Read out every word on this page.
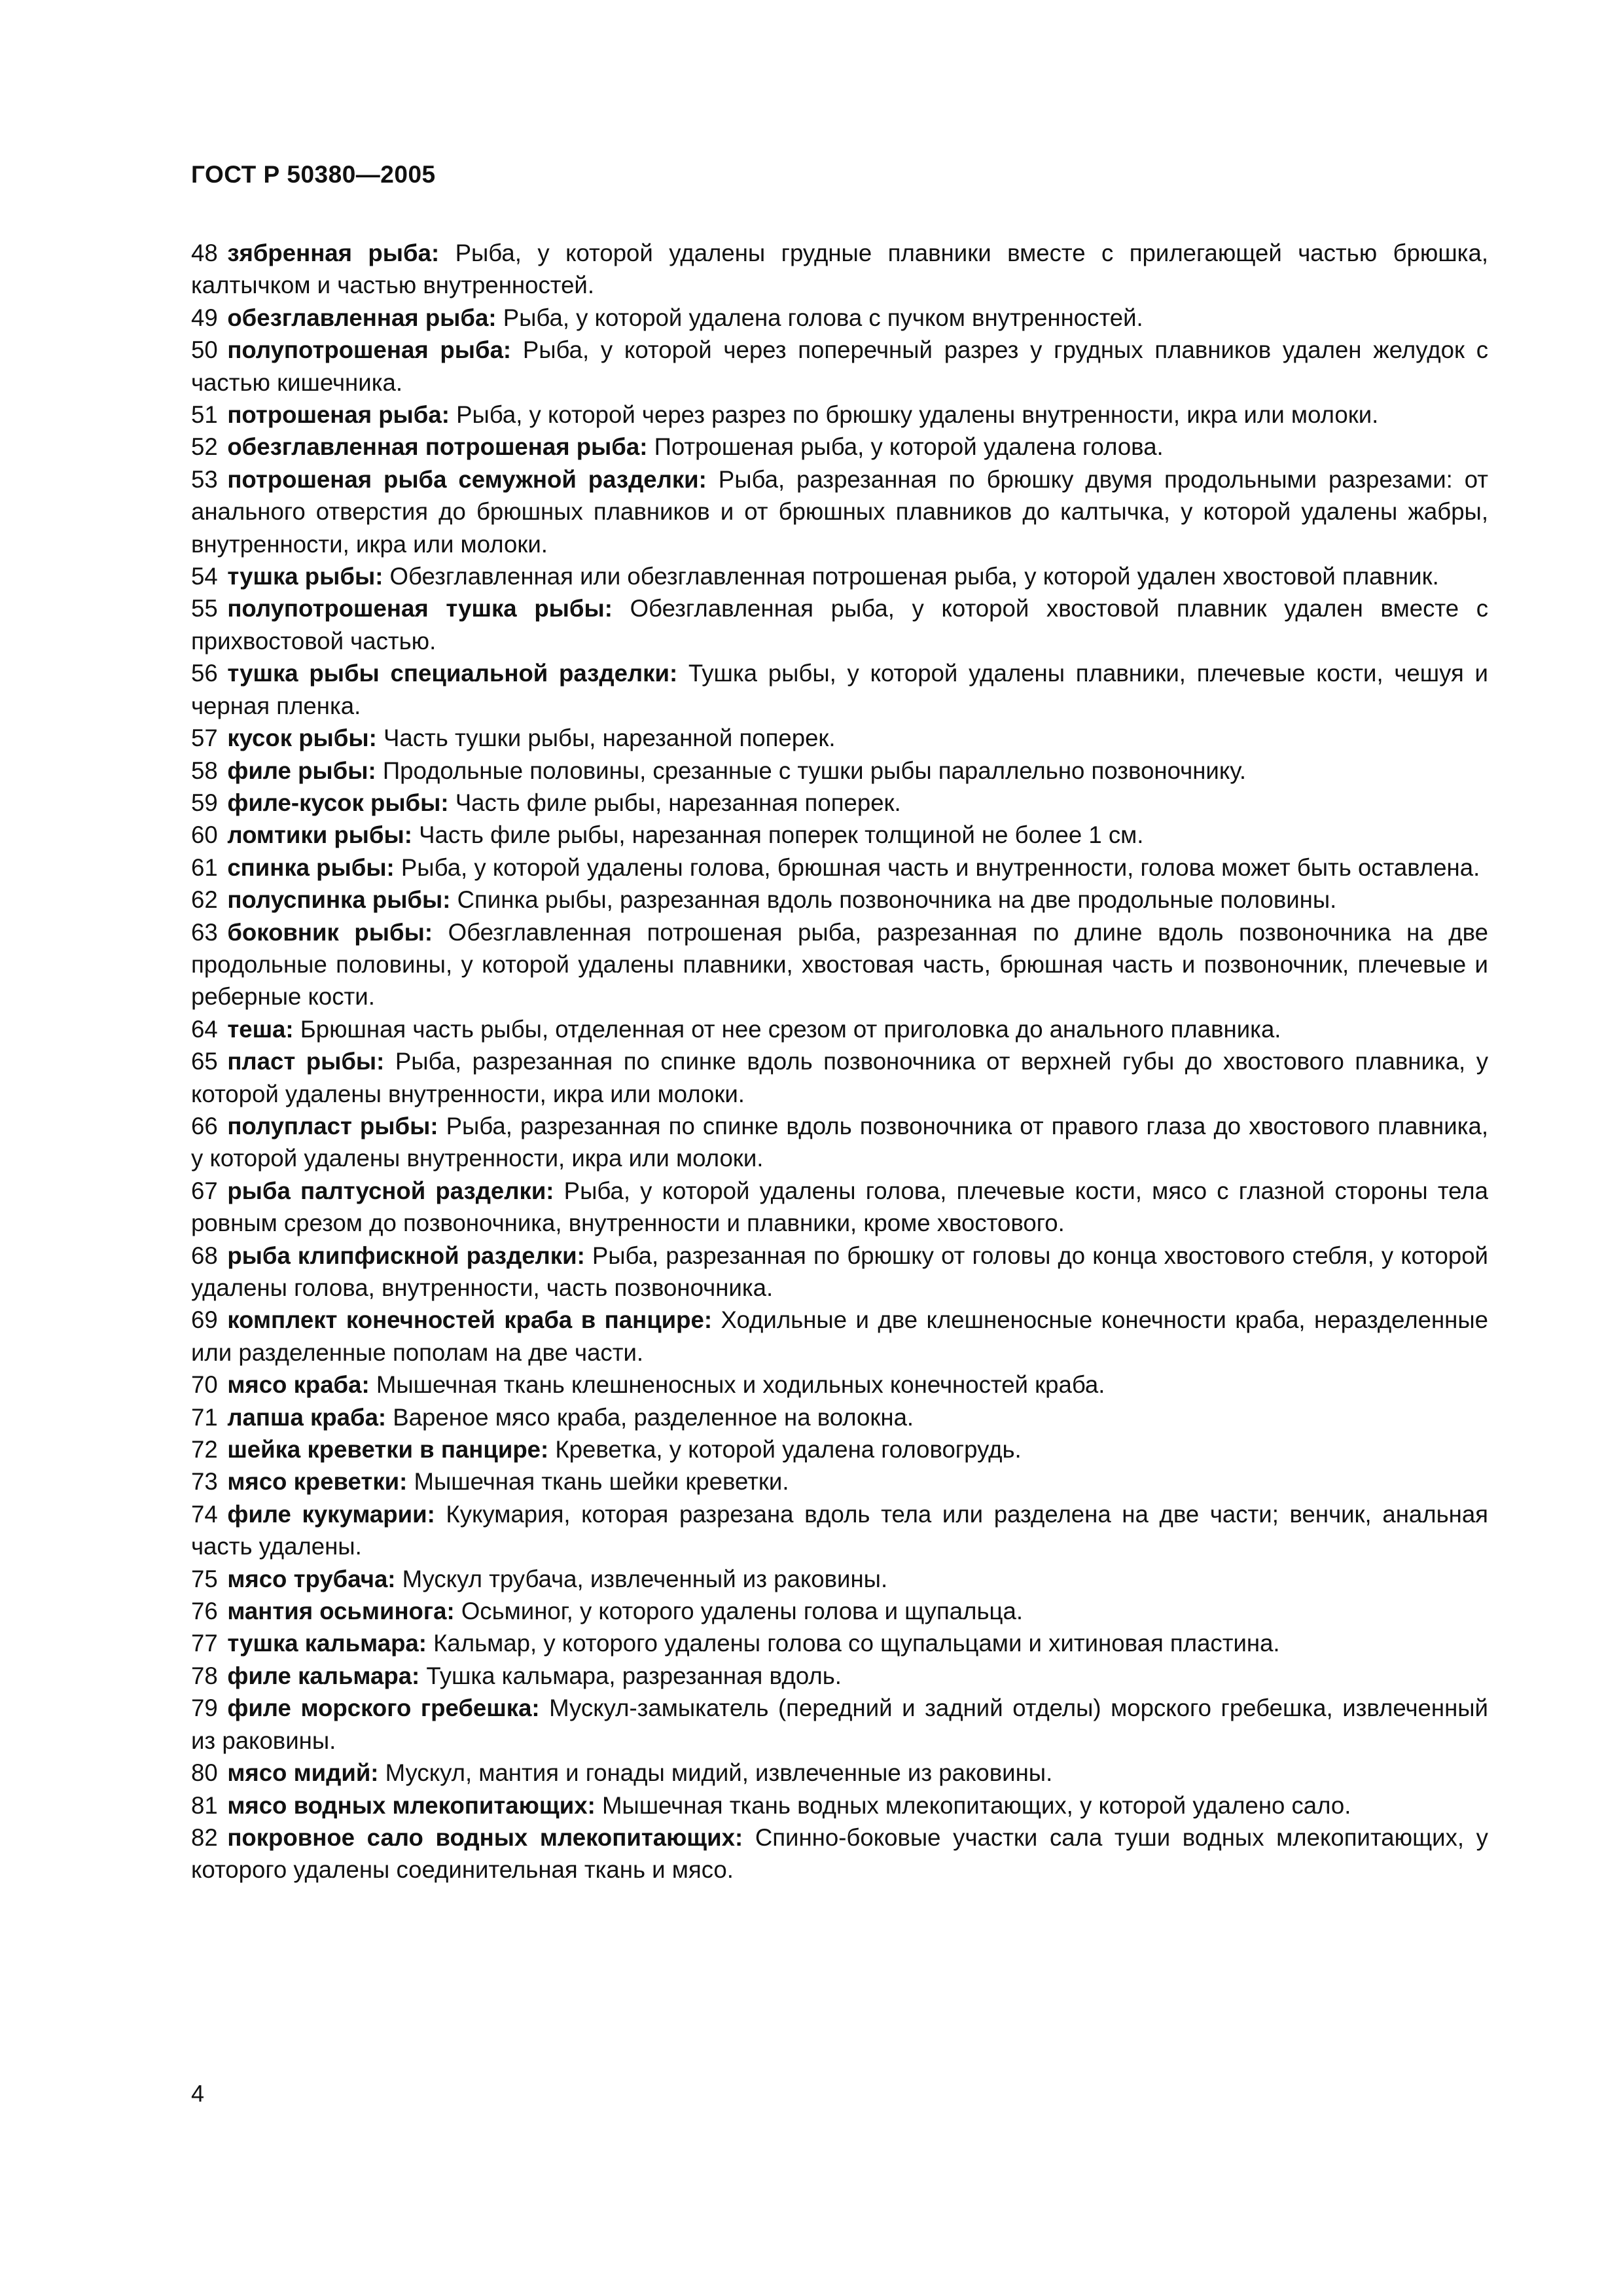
ГОСТ Р 50380—2005

48 зябренная рыба: Рыба, у которой удалены грудные плавники вместе с прилегающей частью брюшка, калтычком и частью внутренностей.

49 обезглавленная рыба: Рыба, у которой удалена голова с пучком внутренностей.

50 полупотрошеная рыба: Рыба, у которой через поперечный разрез у грудных плавников удален желудок с частью кишечника.

51 потрошеная рыба: Рыба, у которой через разрез по брюшку удалены внутренности, икра или молоки.

52 обезглавленная потрошеная рыба: Потрошеная рыба, у которой удалена голова.

53 потрошеная рыба семужной разделки: Рыба, разрезанная по брюшку двумя продольными разрезами: от анального отверстия до брюшных плавников и от брюшных плавников до калтычка, у которой удалены жабры, внутренности, икра или молоки.

54 тушка рыбы: Обезглавленная или обезглавленная потрошеная рыба, у которой удален хвостовой плавник.

55 полупотрошеная тушка рыбы: Обезглавленная рыба, у которой хвостовой плавник удален вместе с прихвостовой частью.

56 тушка рыбы специальной разделки: Тушка рыбы, у которой удалены плавники, плечевые кости, чешуя и черная пленка.

57 кусок рыбы: Часть тушки рыбы, нарезанной поперек.

58 филе рыбы: Продольные половины, срезанные с тушки рыбы параллельно позвоночнику.

59 филе-кусок рыбы: Часть филе рыбы, нарезанная поперек.

60 ломтики рыбы: Часть филе рыбы, нарезанная поперек толщиной не более 1 см.

61 спинка рыбы: Рыба, у которой удалены голова, брюшная часть и внутренности, голова может быть оставлена.

62 полуспинка рыбы: Спинка рыбы, разрезанная вдоль позвоночника на две продольные половины.

63 боковник рыбы: Обезглавленная потрошеная рыба, разрезанная по длине вдоль позвоночника на две продольные половины, у которой удалены плавники, хвостовая часть, брюшная часть и позвоночник, плечевые и реберные кости.

64 теша: Брюшная часть рыбы, отделенная от нее срезом от приголовка до анального плавника.

65 пласт рыбы: Рыба, разрезанная по спинке вдоль позвоночника от верхней губы до хвостового плавника, у которой удалены внутренности, икра или молоки.

66 полупласт рыбы: Рыба, разрезанная по спинке вдоль позвоночника от правого глаза до хвостового плавника, у которой удалены внутренности, икра или молоки.

67 рыба палтусной разделки: Рыба, у которой удалены голова, плечевые кости, мясо с глазной стороны тела ровным срезом до позвоночника, внутренности и плавники, кроме хвостового.

68 рыба клипфискной разделки: Рыба, разрезанная по брюшку от головы до конца хвостового стебля, у которой удалены голова, внутренности, часть позвоночника.

69 комплект конечностей краба в панцире: Ходильные и две клешненосные конечности краба, неразделенные или разделенные пополам на две части.

70 мясо краба: Мышечная ткань клешненосных и ходильных конечностей краба.

71 лапша краба: Вареное мясо краба, разделенное на волокна.

72 шейка креветки в панцире: Креветка, у которой удалена головогрудь.

73 мясо креветки: Мышечная ткань шейки креветки.

74 филе кукумарии: Кукумария, которая разрезана вдоль тела или разделена на две части; венчик, анальная часть удалены.

75 мясо трубача: Мускул трубача, извлеченный из раковины.

76 мантия осьминога: Осьминог, у которого удалены голова и щупальца.

77 тушка кальмара: Кальмар, у которого удалены голова со щупальцами и хитиновая пластина.

78 филе кальмара: Тушка кальмара, разрезанная вдоль.

79 филе морского гребешка: Мускул-замыкатель (передний и задний отделы) морского гребешка, извлеченный из раковины.

80 мясо мидий: Мускул, мантия и гонады мидий, извлеченные из раковины.

81 мясо водных млекопитающих: Мышечная ткань водных млекопитающих, у которой удалено сало.

82 покровное сало водных млекопитающих: Спинно-боковые участки сала туши водных млекопитающих, у которого удалены соединительная ткань и мясо.

4
